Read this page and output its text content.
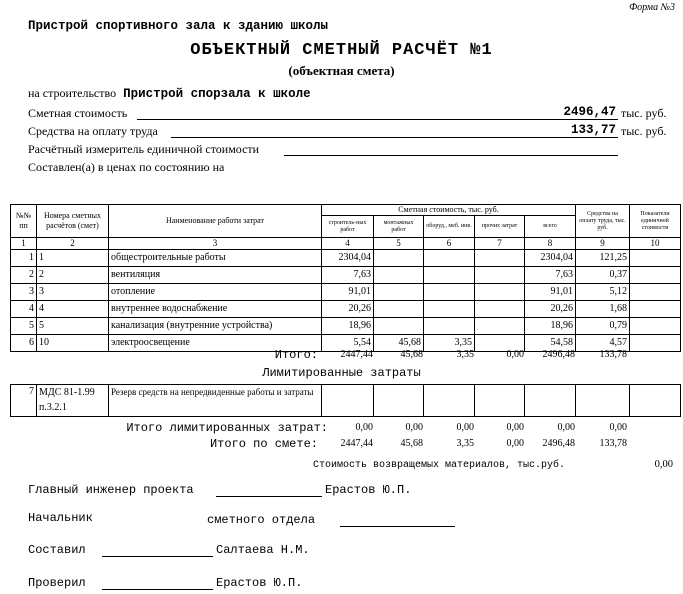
Форма №3
Пристрой спортивного зала к зданию школы
ОБЪЕКТНЫЙ СМЕТНЫЙ РАСЧЁТ №1
(объектная смета)
на строительство Пристрой спорзала к школе
Сметная стоимость	2496,47 тыс. руб.
Средства на оплату труда	133,77 тыс. руб.
Расчётный измеритель единичной стоимости
Составлен(а) в ценах по состоянию на
№№ пп	Номера сметных расчётов (смет)	Наименование работи затрат	Сметная стоимость, тыс. руб.					Средства на оплату труда, тыс. руб.	Показатели единичной стоимости
			строитель-ных работ	монтажных работ	оборуд., меб. инв.	прочих затрат	всего		
1	2	3	4	5	6	7	8	9	10
1	1	общестроительные работы	2304,04				2304,04	121,25	
2	2	вентиляция	7,63				7,63	0,37	
3	3	отопление	91,01				91,01	5,12	
4	4	внутреннее водоснабжение	20,26				20,26	1,68	
5	5	канализация (внутренние устройства)	18,96				18,96	0,79	
6	10	электроосвещение	5,54	45,68	3,35		54,58	4,57	
Итого:	2447,44	45,68	3,35	0,00	2496,48	133,78
Лимитированные затраты
7	МДС 81-1.99 п.3.2.1	Резерв средств на непредвиденные работы и затраты							
Итого лимитированных затрат:	0,00	0,00	0,00	0,00	0,00	0,00
Итого по смете:	2447,44	45,68	3,35	0,00	2496,48	133,78
Стоимость возвращемых материалов, тыс.руб.	0,00
Главный инженер проекта	Ерастов Ю.П.
Начальник	сметного отдела
Составил	Салтаева Н.М.
Проверил	Ерастов Ю.П.
